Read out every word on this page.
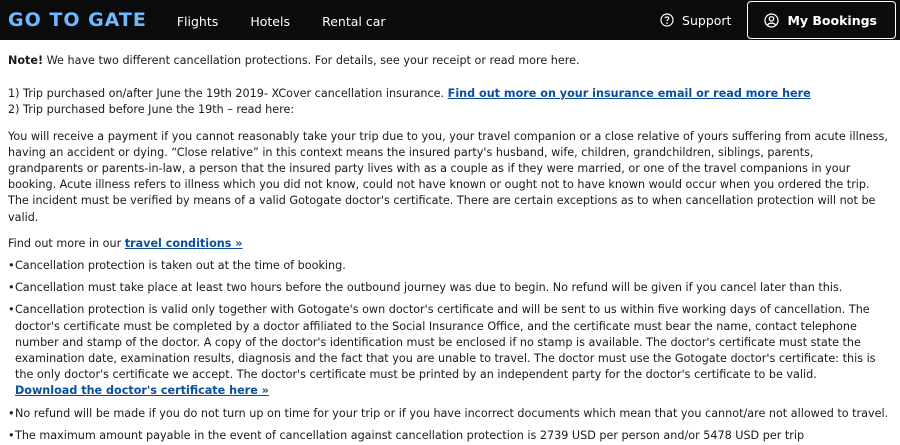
GO TO GATE Flights	Hotels	Rental car	Support	My Bookings

Note! We have two different cancellation protections. For details, see your receipt or read more here.

1) Trip purchased on/after June the 19th 2019- XCover cancellation insurance. Find out more on your insurance email or read more here

2) Trip purchased before June the 19th – read here:

You will receive a payment if you cannot reasonably take your trip due to you, your travel companion or a close relative of yours suffering from acute illness, having an accident or dying. “Close relative” in this context means the insured party's husband, wife, children, grandchildren, siblings, parents, grandparents or parents-in-law, a person that the insured party lives with as a couple as if they were married, or one of the travel companions in your booking. Acute illness refers to illness which you did not know, could not have known or ought not to have known would occur when you ordered the trip. The incident must be verified by means of a valid Gotogate doctor's certificate. There are certain exceptions as to when cancellation protection will not be valid.

Find out more in our travel conditions »

• Cancellation protection is taken out at the time of booking.
• Cancellation must take place at least two hours before the outbound journey was due to begin. No refund will be given if you cancel later than this.
• Cancellation protection is valid only together with Gotogate's own doctor's certificate and will be sent to us within five working days of cancellation. The doctor's certificate must be completed by a doctor affiliated to the Social Insurance Office, and the certificate must bear the name, contact telephone number and stamp of the doctor. A copy of the doctor's identification must be enclosed if no stamp is available. The doctor's certificate must state the examination date, examination results, diagnosis and the fact that you are unable to travel. The doctor must use the Gotogate doctor's certificate: this is the only doctor's certificate we accept. The doctor's certificate must be printed by an independent party for the doctor's certificate to be valid.
Download the doctor's certificate here »
• No refund will be made if you do not turn up on time for your trip or if you have incorrect documents which mean that you cannot/are not allowed to travel.
• The maximum amount payable in the event of cancellation against cancellation protection is 2739 USD per person and/or 5478 USD per trip
